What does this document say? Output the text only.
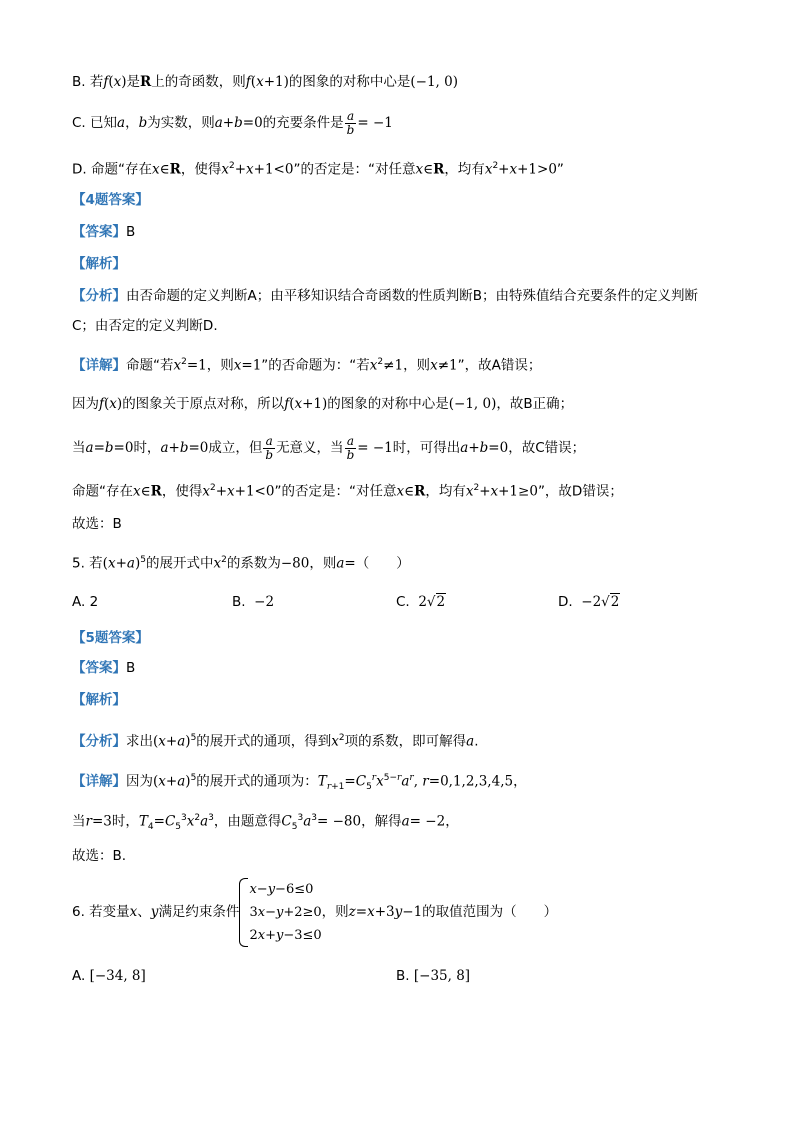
B. 若f(x)是R上的奇函数，则f(x+1)的图象的对称中心是(−1, 0)
C. 已知a，b为实数，则a+b=0的充要条件是 $\frac{a}{b} = -1$
D. 命题“存在x∈R，使得$x^2+x+1<0$”的否定是：“对任意x∈R，均有$x^2+x+1>0$”
【4题答案】
【答案】B
【解析】
【分析】由否命题的定义判断A；由平移知识结合奇函数的性质判断B；由特殊值结合充要条件的定义判断
C；由否定的定义判断D.
【详解】命题“若$x^2=1$，则x=1”的否命题为：“若$x^2\ne 1$，则x≠1”，故A错误；
因为f(x)的图象关于原点对称，所以f(x+1)的图象的对称中心是(−1, 0)，故B正确；
当a=b=0时，a+b=0成立，但 $\frac{a}{b}$ 无意义，当 $\frac{a}{b} = -1$时，可得出a+b=0，故C错误；
命题“存在x∈R，使得$x^2+x+1<0$”的否定是：“对任意x∈R，均有$x^2+x+1\ge 0$”，故D错误；
故选：B
5. 若$(x+a)^5$的展开式中$x^2$的系数为−80，则a=（　　）
A. 2	B.  −2	C.  2√2	D.  −2√2
【5题答案】
【答案】B
【解析】
【分析】求出$(x+a)^5$的展开式的通项，得到$x^2$项的系数，即可解得a.
【详解】因为$(x+a)^5$的展开式的通项为：$T_{r+1}=C_5^rx^{5-r}a^r$, r=0,1,2,3,4,5，
当r=3时，$T_4=C_5^3x^2a^3$，由题意得$C_5^3a^3= -80$，解得a= −2，
故选：B.
6. 若变量x、y满足约束条件
x−y−6≤0
3x−y+2≥0
2x+y−3≤0
，则z=x+3y−1的取值范围为（　　）
A. [−34, 8]	B. [−35, 8]
